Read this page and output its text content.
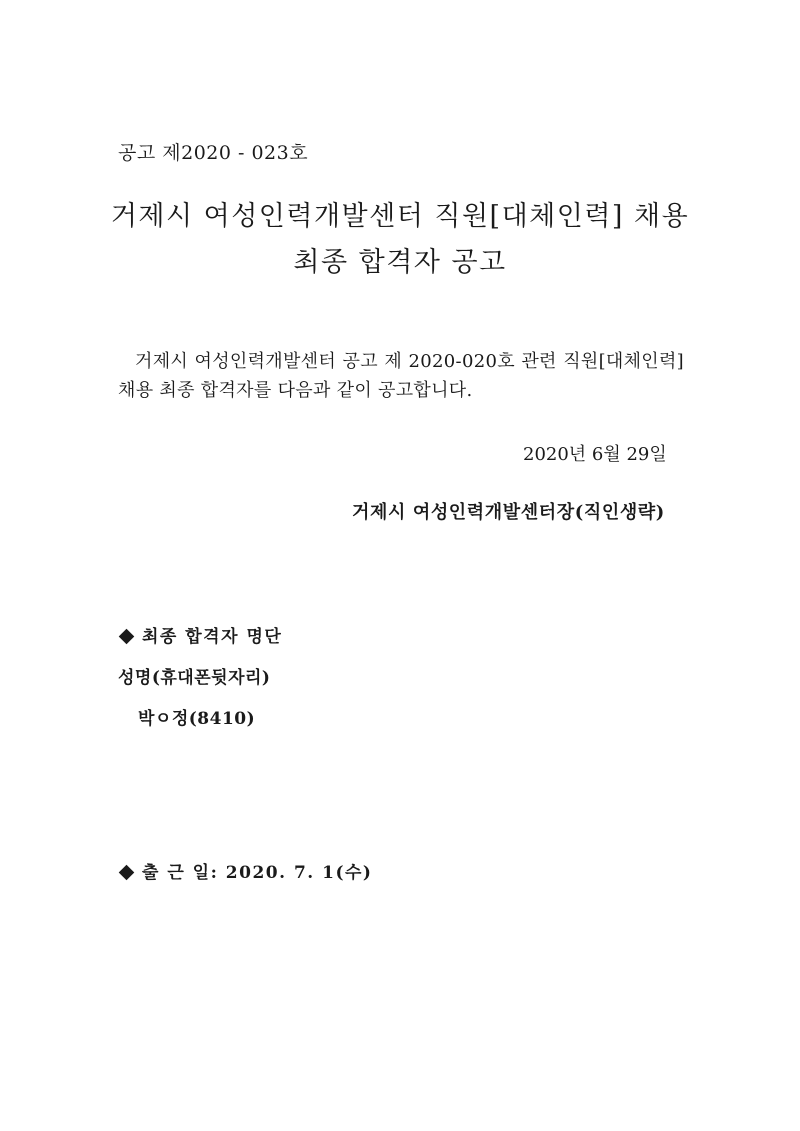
공고 제2020 - 023호
거제시 여성인력개발센터 직원[대체인력] 채용
최종 합격자 공고
거제시 여성인력개발센터 공고 제 2020-020호 관련 직원[대체인력] 채용 최종 합격자를 다음과 같이 공고합니다.
2020년 6월 29일
거제시 여성인력개발센터장(직인생략)
최종 합격자 명단
성명(휴대폰뒷자리)
박ㅇ정(8410)
출 근 일: 2020. 7. 1(수)
